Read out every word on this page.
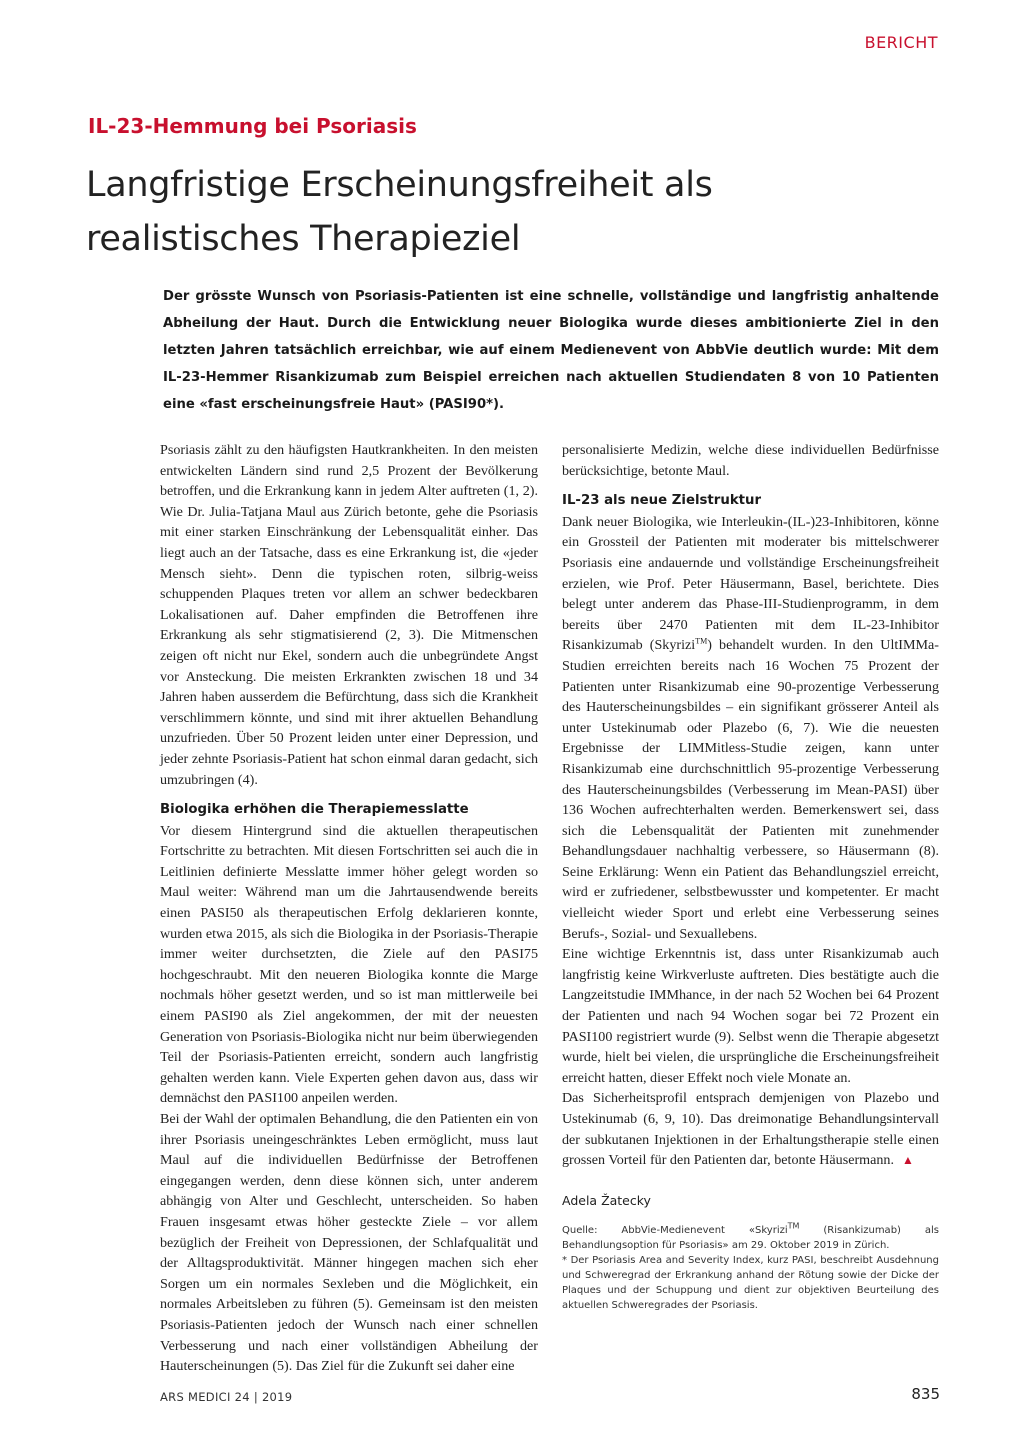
BERICHT
IL-23-Hemmung bei Psoriasis
Langfristige Erscheinungsfreiheit als
realistisches Therapieziel

Der grösste Wunsch von Psoriasis-Patienten ist eine schnelle, vollständige und langfristig anhaltende Abheilung der Haut. Durch die Entwicklung neuer Biologika wurde dieses ambitionierte Ziel in den letzten Jahren tatsächlich erreichbar, wie auf einem Medienevent von AbbVie deutlich wurde: Mit dem IL-23-Hemmer Risankizumab zum Beispiel erreichen nach aktuellen Studiendaten 8 von 10 Patienten eine «fast erscheinungsfreie Haut» (PASI90*).

Psoriasis zählt zu den häufigsten Hautkrankheiten. In den meisten entwickelten Ländern sind rund 2,5 Prozent der Bevölkerung betroffen, und die Erkrankung kann in jedem Alter auftreten (1, 2). Wie Dr. Julia-Tatjana Maul aus Zürich betonte, gehe die Psoriasis mit einer starken Einschränkung der Lebensqualität einher. Das liegt auch an der Tatsache, dass es eine Erkrankung ist, die «jeder Mensch sieht». Denn die typischen roten, silbrig-weiss schuppenden Plaques treten vor allem an schwer bedeckbaren Lokalisationen auf. Daher empfinden die Betroffenen ihre Erkrankung als sehr stigmatisierend (2, 3). Die Mitmenschen zeigen oft nicht nur Ekel, sondern auch die unbegründete Angst vor Ansteckung. Die meisten Erkrankten zwischen 18 und 34 Jahren haben ausserdem die Befürchtung, dass sich die Krankheit verschlimmern könnte, und sind mit ihrer aktuellen Behandlung unzufrieden. Über 50 Prozent leiden unter einer Depression, und jeder zehnte Psoriasis-Patient hat schon einmal daran gedacht, sich umzubringen (4).

Biologika erhöhen die Therapiemesslatte

Vor diesem Hintergrund sind die aktuellen therapeutischen Fortschritte zu betrachten. Mit diesen Fortschritten sei auch die in Leitlinien definierte Messlatte immer höher gelegt worden so Maul weiter: Während man um die Jahrtausendwende bereits einen PASI50 als therapeutischen Erfolg deklarieren konnte, wurden etwa 2015, als sich die Biologika in der Psoriasis-Therapie immer weiter durchsetzten, die Ziele auf den PASI75 hochgeschraubt. Mit den neueren Biologika konnte die Marge nochmals höher gesetzt werden, und so ist man mittlerweile bei einem PASI90 als Ziel angekommen, der mit der neuesten Generation von Psoriasis-Biologika nicht nur beim überwiegenden Teil der Psoriasis-Patienten erreicht, sondern auch langfristig gehalten werden kann. Viele Experten gehen davon aus, dass wir demnächst den PASI100 anpeilen werden.

Bei der Wahl der optimalen Behandlung, die den Patienten ein von ihrer Psoriasis uneingeschränktes Leben ermöglicht, muss laut Maul auf die individuellen Bedürfnisse der Betroffenen eingegangen werden, denn diese können sich, unter anderem abhängig von Alter und Geschlecht, unterscheiden. So haben Frauen insgesamt etwas höher gesteckte Ziele – vor allem bezüglich der Freiheit von Depressionen, der Schlafqualität und der Alltagsproduktivität. Männer hingegen machen sich eher Sorgen um ein normales Sexleben und die Möglichkeit, ein normales Arbeitsleben zu führen (5). Gemeinsam ist den meisten Psoriasis-Patienten jedoch der Wunsch nach einer schnellen Verbesserung und nach einer vollständigen Abheilung der Hauterscheinungen (5). Das Ziel für die Zukunft sei daher eine

personalisierte Medizin, welche diese individuellen Bedürfnisse berücksichtige, betonte Maul.

IL-23 als neue Zielstruktur

Dank neuer Biologika, wie Interleukin-(IL-)23-Inhibitoren, könne ein Grossteil der Patienten mit moderater bis mittelschwerer Psoriasis eine andauernde und vollständige Erscheinungsfreiheit erzielen, wie Prof. Peter Häusermann, Basel, berichtete. Dies belegt unter anderem das Phase-III-Studienprogramm, in dem bereits über 2470 Patienten mit dem IL-23-Inhibitor Risankizumab (Skyrizi™) behandelt wurden. In den UltIMMa-Studien erreichten bereits nach 16 Wochen 75 Prozent der Patienten unter Risankizumab eine 90-prozentige Verbesserung des Hauterscheinungsbildes – ein signifikant grösserer Anteil als unter Ustekinumab oder Plazebo (6, 7). Wie die neuesten Ergebnisse der LIMMitless-Studie zeigen, kann unter Risankizumab eine durchschnittlich 95-prozentige Verbesserung des Hauterscheinungsbildes (Verbesserung im Mean-PASI) über 136 Wochen aufrechterhalten werden. Bemerkenswert sei, dass sich die Lebensqualität der Patienten mit zunehmender Behandlungsdauer nachhaltig verbessere, so Häusermann (8). Seine Erklärung: Wenn ein Patient das Behandlungsziel erreicht, wird er zufriedener, selbstbewusster und kompetenter. Er macht vielleicht wieder Sport und erlebt eine Verbesserung seines Berufs-, Sozial- und Sexuallebens.

Eine wichtige Erkenntnis ist, dass unter Risankizumab auch langfristig keine Wirkverluste auftreten. Dies bestätigte auch die Langzeitstudie IMMhance, in der nach 52 Wochen bei 64 Prozent der Patienten und nach 94 Wochen sogar bei 72 Prozent ein PASI100 registriert wurde (9). Selbst wenn die Therapie abgesetzt wurde, hielt bei vielen, die ursprüngliche die Erscheinungsfreiheit erreicht hatten, dieser Effekt noch viele Monate an.

Das Sicherheitsprofil entsprach demjenigen von Plazebo und Ustekinumab (6, 9, 10). Das dreimonatige Behandlungsintervall der subkutanen Injektionen in der Erhaltungstherapie stelle einen grossen Vorteil für den Patienten dar, betonte Häusermann. ▲

Adela Žatecky

Quelle: AbbVie-Medienevent «Skyrizi™ (Risankizumab) als Behandlungsoption für Psoriasis» am 29. Oktober 2019 in Zürich.

* Der Psoriasis Area and Severity Index, kurz PASI, beschreibt Ausdehnung und Schweregrad der Erkrankung anhand der Rötung sowie der Dicke der Plaques und der Schuppung und dient zur objektiven Beurteilung des aktuellen Schweregrades der Psoriasis.

ARS MEDICI 24 | 2019	835
